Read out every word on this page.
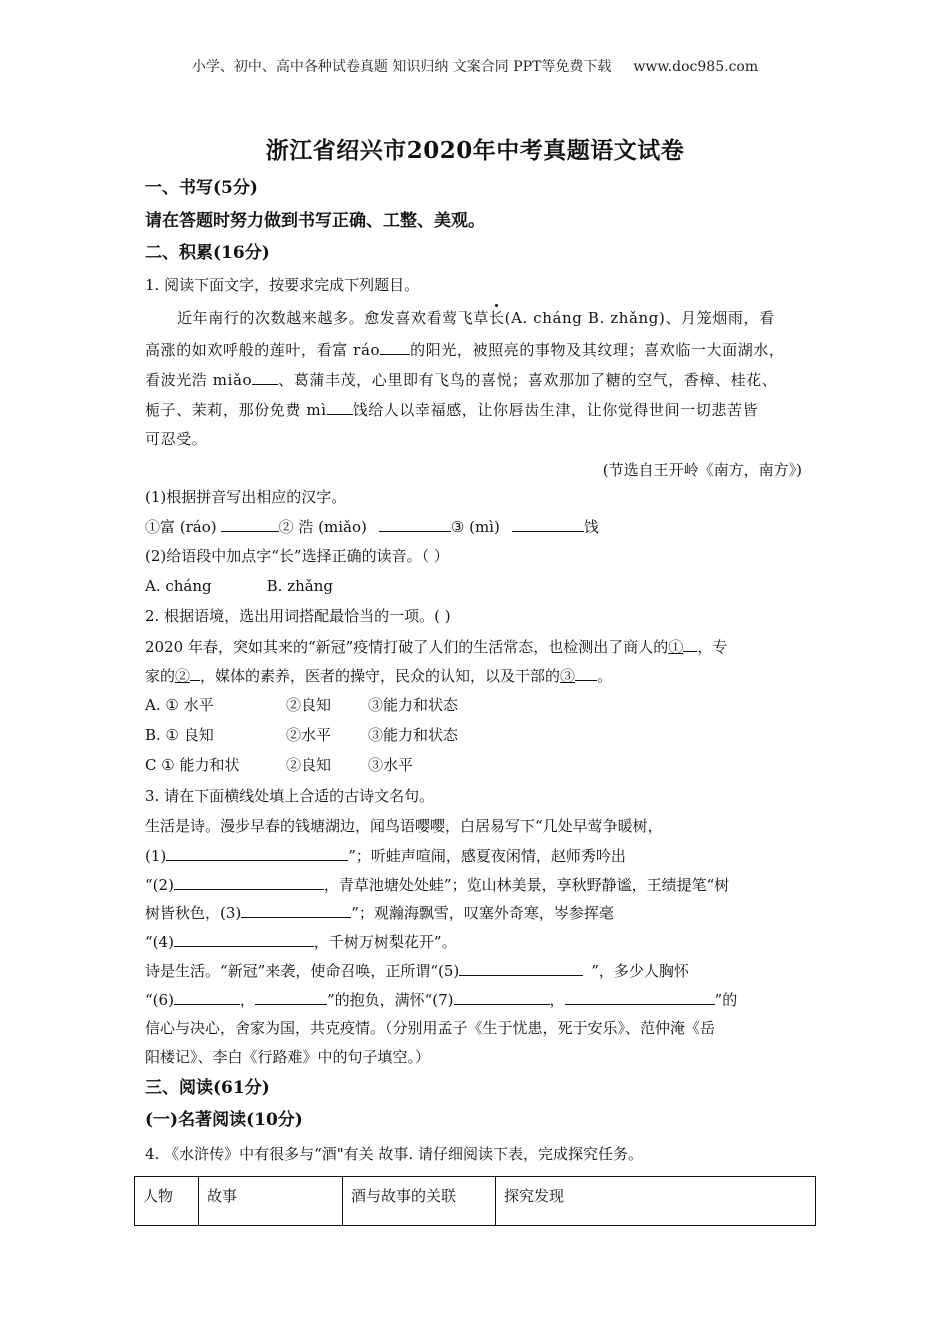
小学、初中、高中各种试卷真题 知识归纳 文案合同 PPT等免费下载 www.doc985.com
浙江省绍兴市2020年中考真题语文试卷
一、书写(5分)
请在答题时努力做到书写正确、工整、美观。
二、积累(16分)
1. 阅读下面文字，按要求完成下列题目。
近年南行的次数越来越多。愈发喜欢看莺飞草长(A. cháng B. zhǎng)、月笼烟雨，看
高涨的如欢呼般的莲叶，看富 ráo 的阳光，被照亮的事物及其纹理；喜欢临一大面湖水，
看波光浩 miǎo 、葛蒲丰茂，心里即有飞鸟的喜悦；喜欢那加了糖的空气，香樟、桂花、
栀子、茉莉，那份免费 mì 饯给人以幸福感，让你唇齿生津，让你觉得世间一切悲苦皆
可忍受。
(节选自王开岭《南方，南方》)
(1)根据拼音写出相应的汉字。
①富 (ráo)	② 浩 (miǎo)	③ (mì)	饯
(2)给语段中加点字“长”选择正确的读音。（ ）
A. cháng	B. zhǎng
2. 根据语境，选出用词搭配最恰当的一项。( )
2020 年春，突如其来的“新冠”疫情打破了人们的生活常态，也检测出了商人的① ，专
家的② ，媒体的素养，医者的操守，民众的认知，以及干部的③ 。
A. ① 水平	②良知 ③能力和状态
B. ① 良知	②水平 ③能力和状态
C ① 能力和状	②良知 ③水平
3. 请在下面横线处填上合适的古诗文名句。
生活是诗。漫步早春的钱塘湖边，闻鸟语嘤嘤，白居易写下“几处早莺争暖树，
(1)	”；听蛙声喧闹，感夏夜闲情，赵师秀吟出
“(2)	，青草池塘处处蛙”；览山林美景，享秋野静谧，王绩提笔“树
树皆秋色，(3)	”；观瀚海飘雪，叹塞外奇寒，岑参挥毫
“(4)	，千树万树梨花开”。
诗是生活。“新冠”来袭，使命召唤，正所谓“(5)	”，多少人胸怀
“(6)	，	”的抱负，满怀“(7)	，	”的
信心与决心，舍家为国，共克疫情。（分别用孟子《生于忧患，死于安乐》、范仲淹《岳
阳楼记》、李白《行路难》中的句子填空。）
三、阅读(61分)
(一)名著阅读(10分)
4. 《水浒传》中有很多与“酒"有关 故事. 请仔细阅读下表，完成探究任务。
人物	故事	酒与故事的关联	探究发现
